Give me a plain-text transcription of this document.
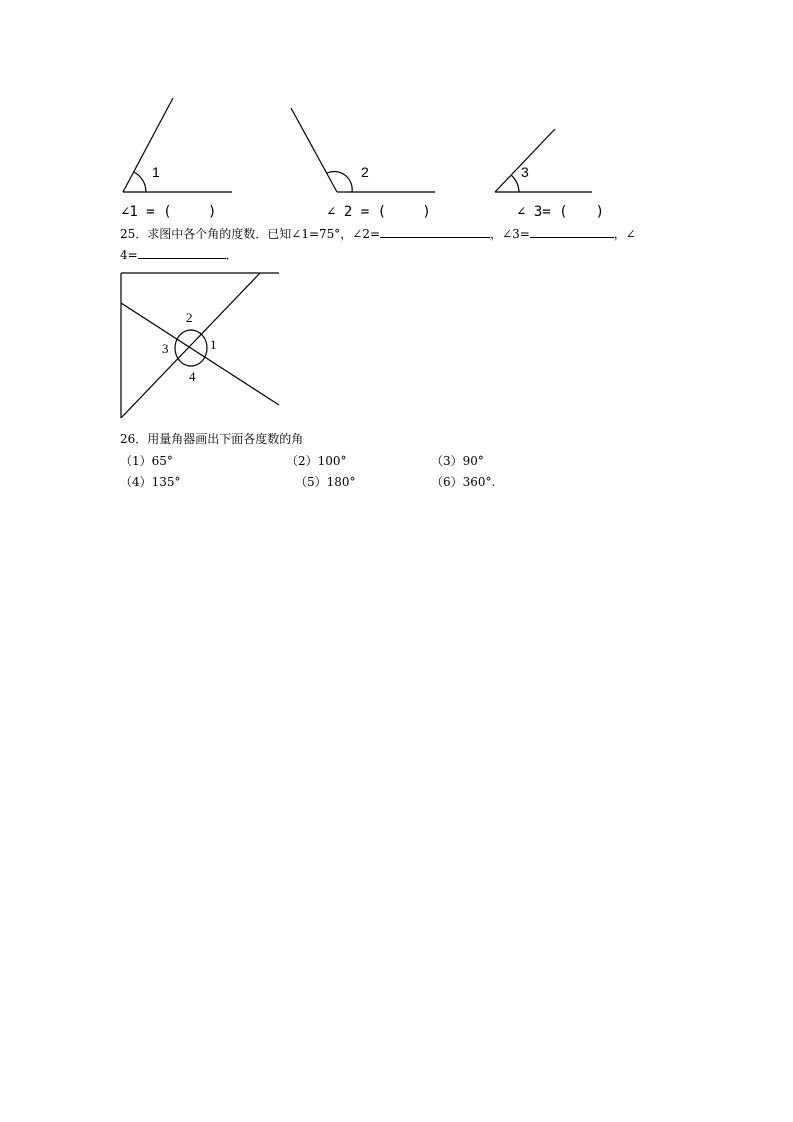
1	2	3
∠1 = (　　 )	∠ 2 = (　　 )	∠ 3= (　　)
25．求图中各个角的度数．已知∠1=75°，∠2=	，∠3=	，∠
4=	．
2
3	1
4
26．用量角器画出下面各度数的角
（1）65°	（2）100°	（3）90°
（4）135°	（5）180°	（6）360°.
